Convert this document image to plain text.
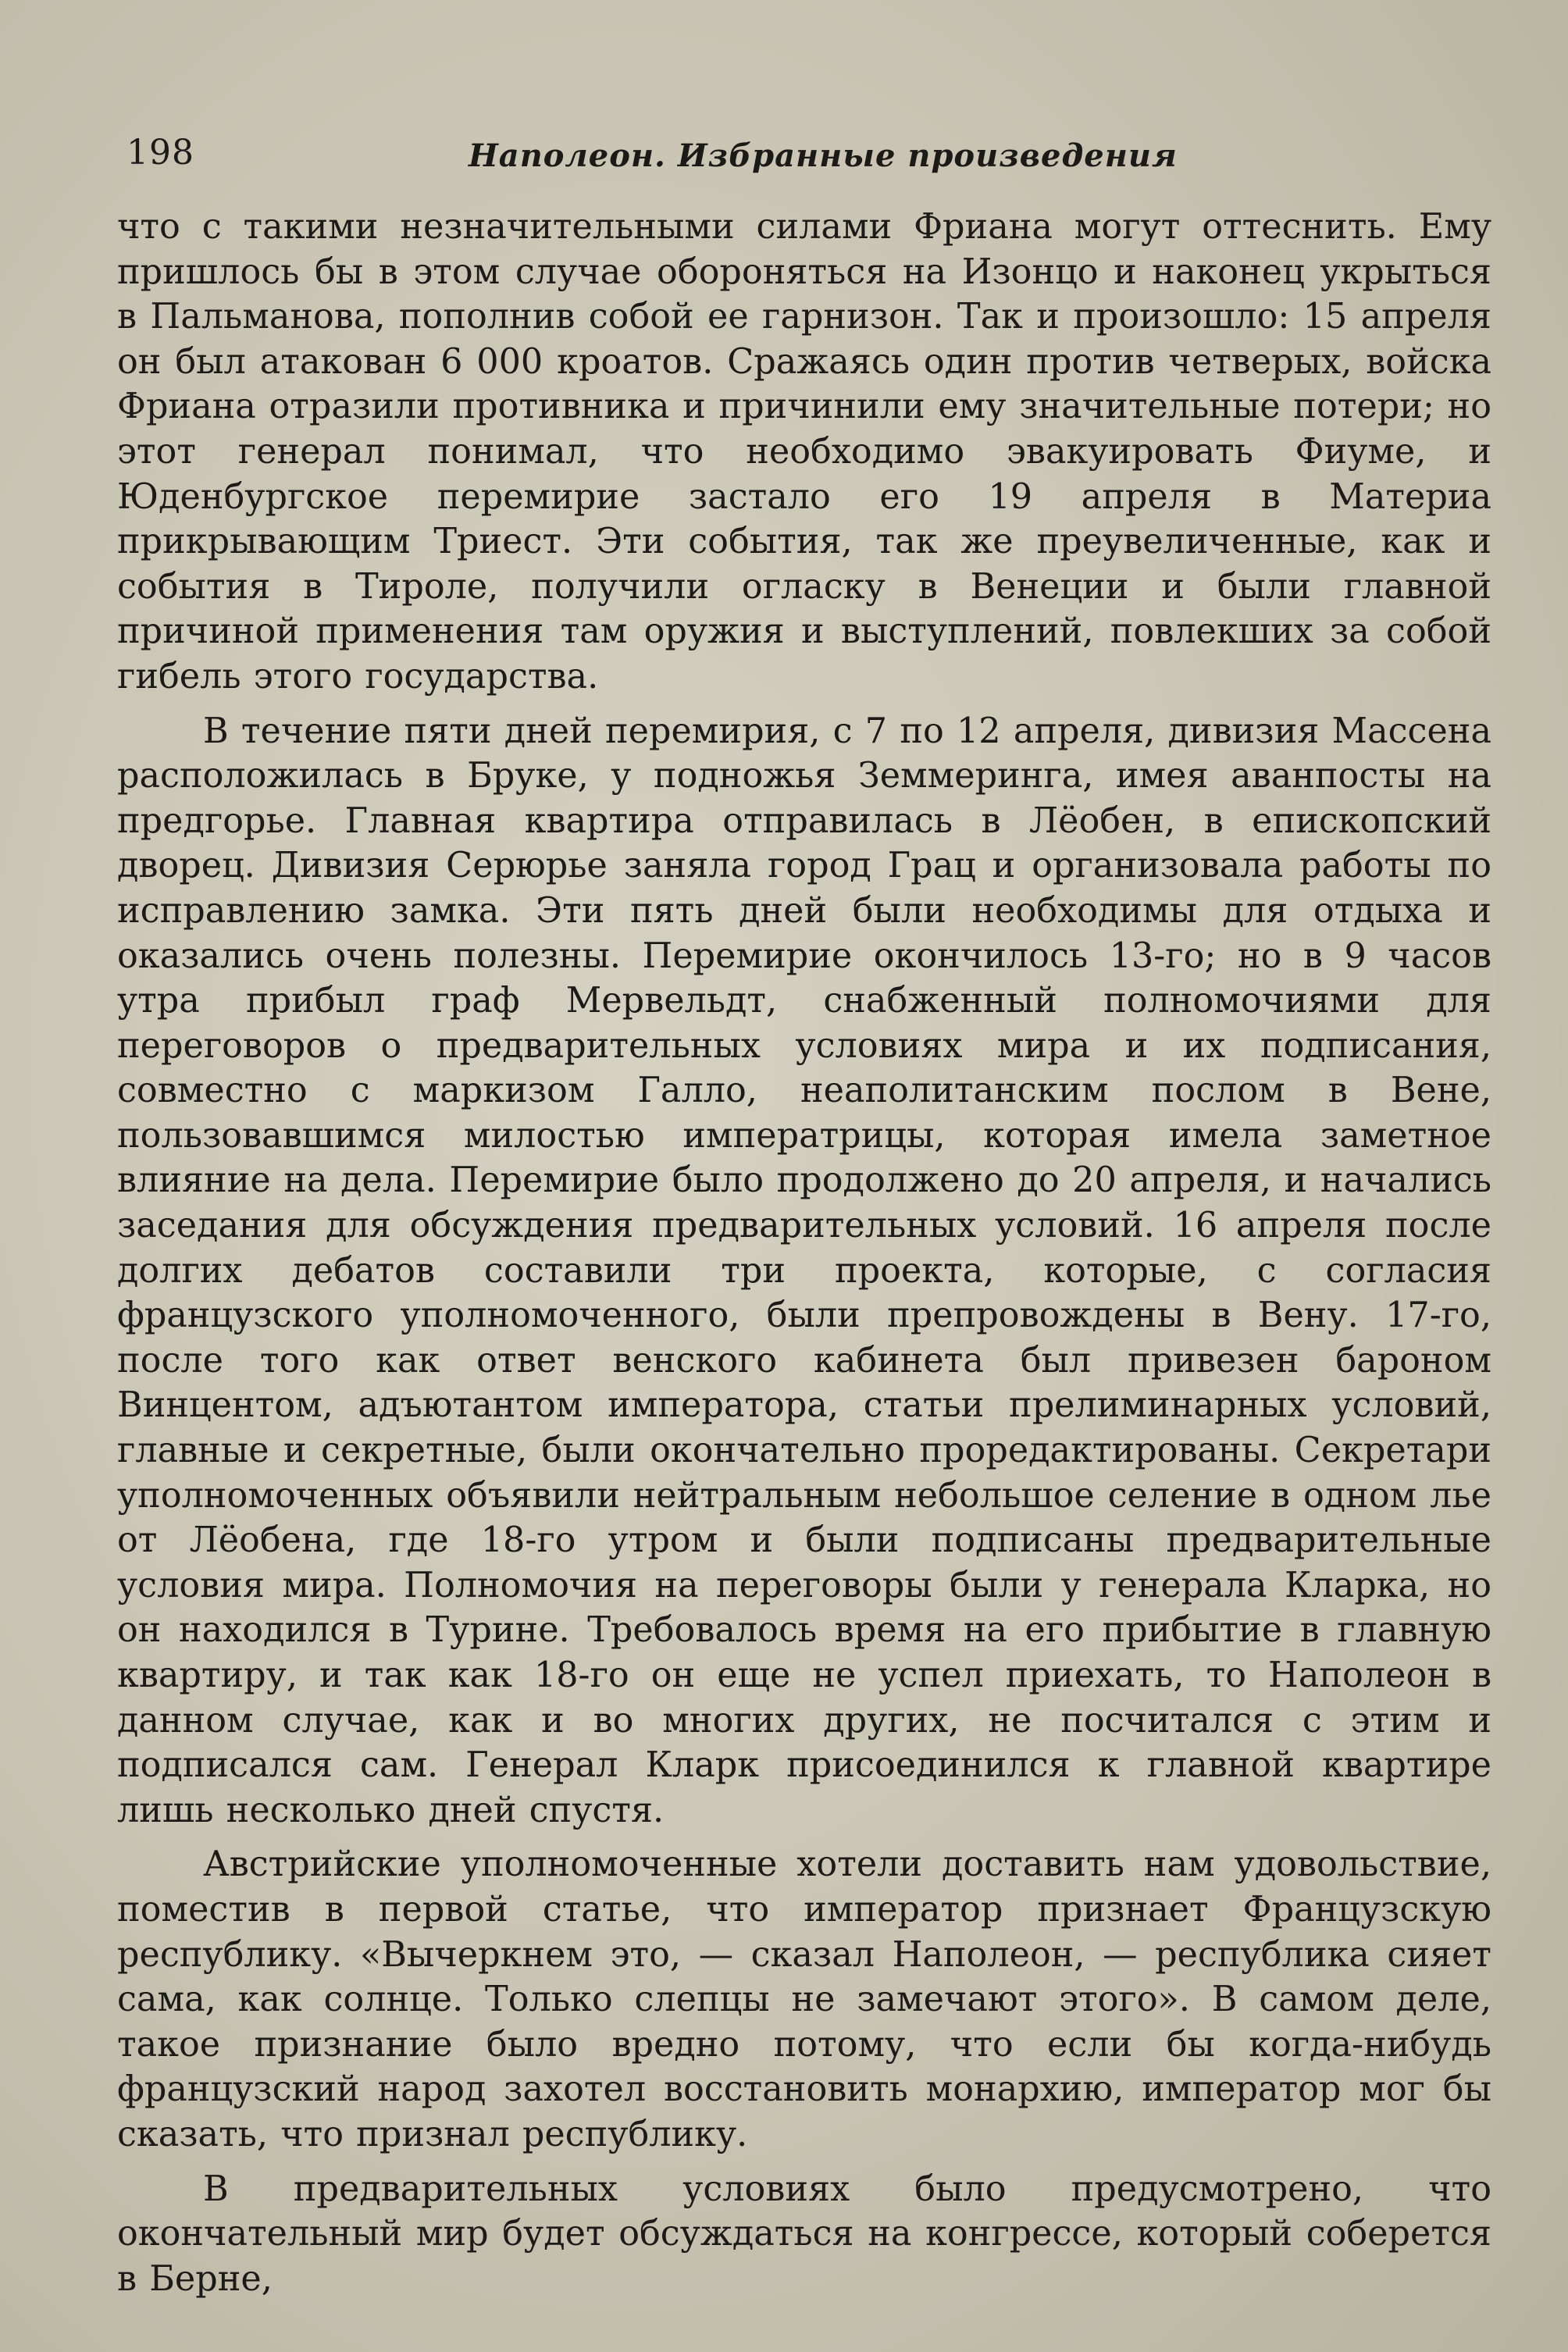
198	Наполеон. Избранные произведения

что с такими незначительными силами Фриана могут оттеснить. Ему пришлось бы в этом случае обороняться на Изонцо и наконец укрыться в Пальманова, пополнив собой ее гарнизон. Так и произошло: 15 апреля он был атакован 6 000 кроатов. Сражаясь один против четверых, войска Фриана отразили противника и причинили ему значительные потери; но этот генерал понимал, что необходимо эвакуировать Фиуме, и Юденбургское перемирие застало его 19 апреля в Материа прикрывающим Триест. Эти события, так же преувеличенные, как и события в Тироле, получили огласку в Венеции и были главной причиной применения там оружия и выступлений, повлекших за собой гибель этого государства.

В течение пяти дней перемирия, с 7 по 12 апреля, дивизия Массена расположилась в Бруке, у подножья Земмеринга, имея аванпосты на предгорье. Главная квартира отправилась в Лёобен, в епископский дворец. Дивизия Серюрье заняла город Грац и организовала работы по исправлению замка. Эти пять дней были необходимы для отдыха и оказались очень полезны. Перемирие окончилось 13-го; но в 9 часов утра прибыл граф Мервельдт, снабженный полномочиями для переговоров о предварительных условиях мира и их подписания, совместно с маркизом Галло, неаполитанским послом в Вене, пользовавшимся милостью императрицы, которая имела заметное влияние на дела. Перемирие было продолжено до 20 апреля, и начались заседания для обсуждения предварительных условий. 16 апреля после долгих дебатов составили три проекта, которые, с согласия французского уполномоченного, были препровождены в Вену. 17-го, после того как ответ венского кабинета был привезен бароном Винцентом, адъютантом императора, статьи прелиминарных условий, главные и секретные, были окончательно проредактированы. Секретари уполномоченных объявили нейтральным небольшое селение в одном лье от Лёобена, где 18-го утром и были подписаны предварительные условия мира. Полномочия на переговоры были у генерала Кларка, но он находился в Турине. Требовалось время на его прибытие в главную квартиру, и так как 18-го он еще не успел приехать, то Наполеон в данном случае, как и во многих других, не посчитался с этим и подписался сам. Генерал Кларк присоединился к главной квартире лишь несколько дней спустя.

Австрийские уполномоченные хотели доставить нам удовольствие, поместив в первой статье, что император признает Французскую республику. «Вычеркнем это, — сказал Наполеон, — республика сияет сама, как солнце. Только слепцы не замечают этого». В самом деле, такое признание было вредно потому, что если бы когда-нибудь французский народ захотел восстановить монархию, император мог бы сказать, что признал республику.

В предварительных условиях было предусмотрено, что окончательный мир будет обсуждаться на конгрессе, который соберется в Берне,
